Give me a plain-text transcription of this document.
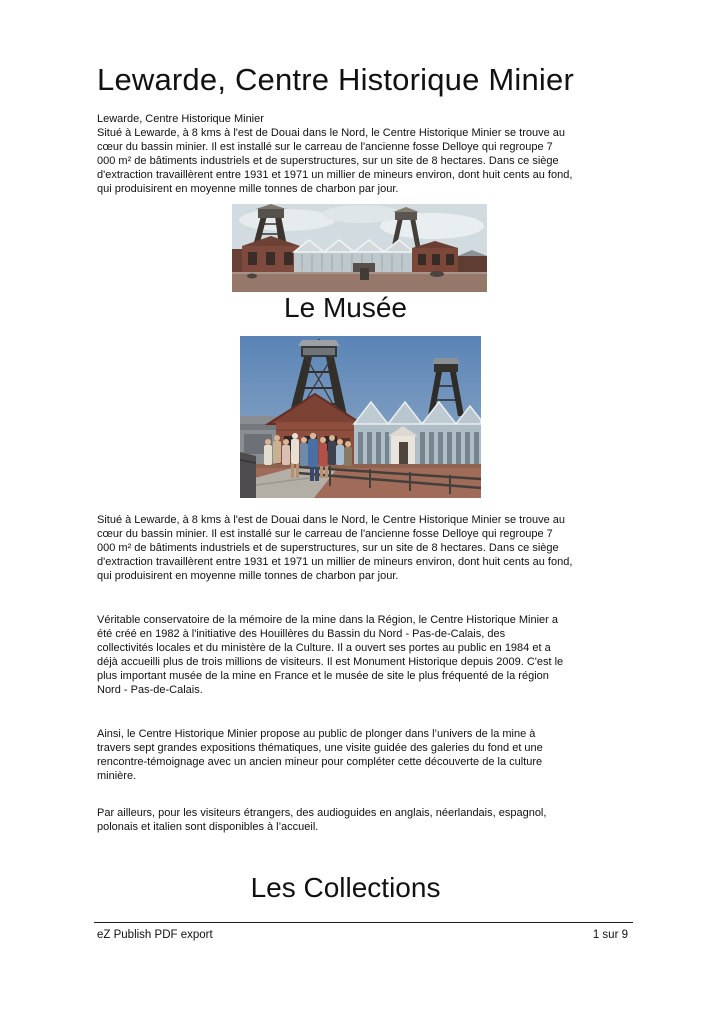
Lewarde, Centre Historique Minier

Lewarde, Centre Historique Minier

Situé à Lewarde, à 8 kms à l'est de Douai dans le Nord, le Centre Historique Minier se trouve au
cœur du bassin minier. Il est installé sur le carreau de l'ancienne fosse Delloye qui regroupe 7
000 m² de bâtiments industriels et de superstructures, sur un site de 8 hectares. Dans ce siège
d'extraction travaillèrent entre 1931 et 1971 un millier de mineurs environ, dont huit cents au fond,
qui produisirent en moyenne mille tonnes de charbon par jour.

Le Musée

Situé à Lewarde, à 8 kms à l'est de Douai dans le Nord, le Centre Historique Minier se trouve au
cœur du bassin minier. Il est installé sur le carreau de l'ancienne fosse Delloye qui regroupe 7
000 m² de bâtiments industriels et de superstructures, sur un site de 8 hectares. Dans ce siège
d'extraction travaillèrent entre 1931 et 1971 un millier de mineurs environ, dont huit cents au fond,
qui produisirent en moyenne mille tonnes de charbon par jour.

Véritable conservatoire de la mémoire de la mine dans la Région, le Centre Historique Minier a
été créé en 1982 à l'initiative des Houillères du Bassin du Nord - Pas-de-Calais, des
collectivités locales et du ministère de la Culture. Il a ouvert ses portes au public en 1984 et a
déjà accueilli plus de trois millions de visiteurs. Il est Monument Historique depuis 2009. C'est le
plus important musée de la mine en France et le musée de site le plus fréquenté de la région
Nord - Pas-de-Calais.

Ainsi, le Centre Historique Minier propose au public de plonger dans l’univers de la mine à
travers sept grandes expositions thématiques, une visite guidée des galeries du fond et une
rencontre-témoignage avec un ancien mineur pour compléter cette découverte de la culture
minière.

Par ailleurs, pour les visiteurs étrangers, des audioguides en anglais, néerlandais, espagnol,
polonais et italien sont disponibles à l’accueil.

Les Collections
eZ Publish PDF export	1 sur 9
